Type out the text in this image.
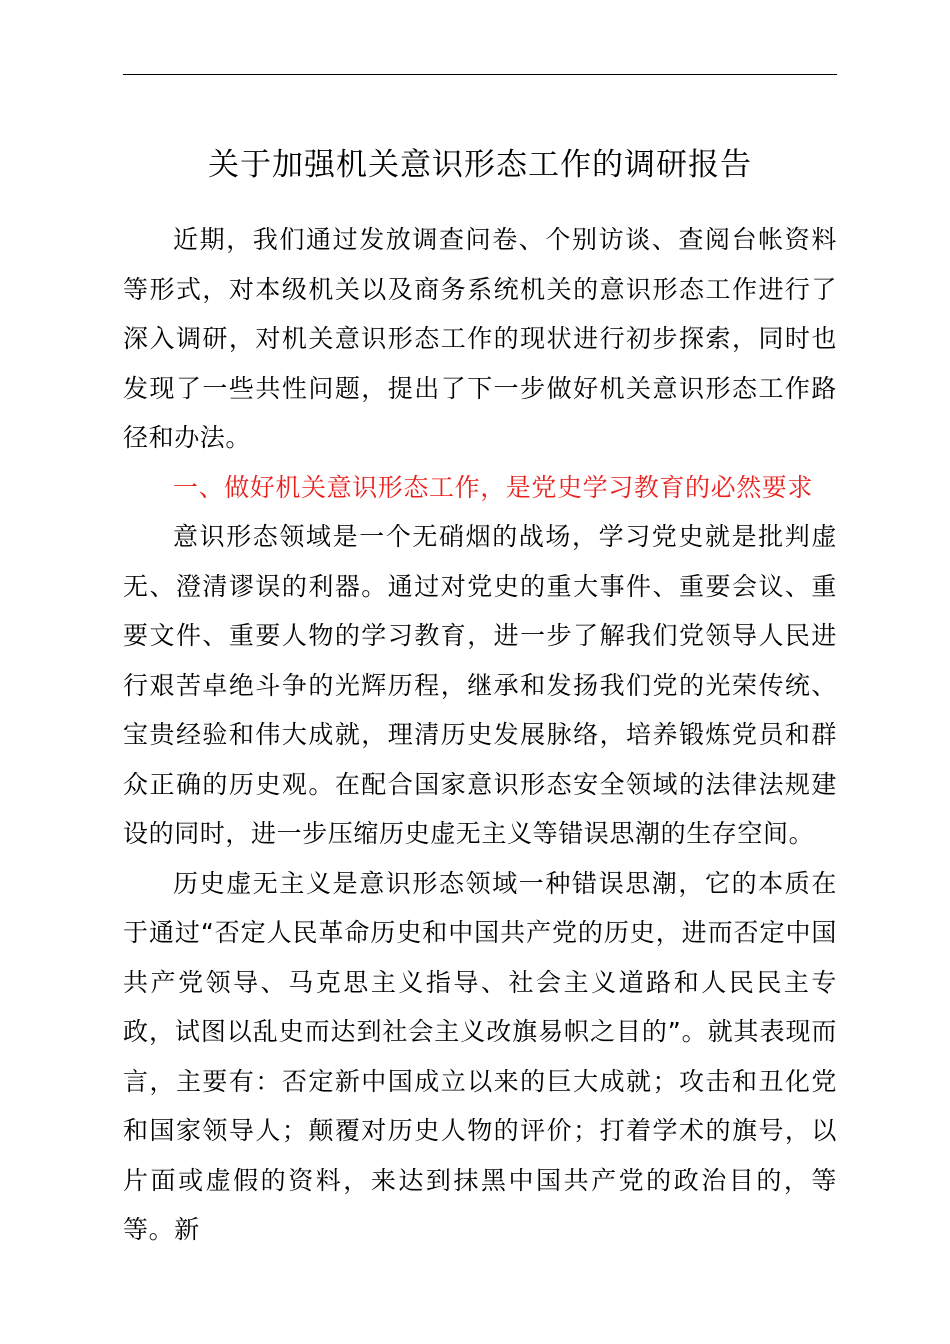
关于加强机关意识形态工作的调研报告

近期，我们通过发放调查问卷、个别访谈、查阅台帐资料等形式，对本级机关以及商务系统机关的意识形态工作进行了深入调研，对机关意识形态工作的现状进行初步探索，同时也发现了一些共性问题，提出了下一步做好机关意识形态工作路径和办法。

一、做好机关意识形态工作，是党史学习教育的必然要求

意识形态领域是一个无硝烟的战场，学习党史就是批判虚无、澄清谬误的利器。通过对党史的重大事件、重要会议、重要文件、重要人物的学习教育，进一步了解我们党领导人民进行艰苦卓绝斗争的光辉历程，继承和发扬我们党的光荣传统、宝贵经验和伟大成就，理清历史发展脉络，培养锻炼党员和群众正确的历史观。在配合国家意识形态安全领域的法律法规建设的同时，进一步压缩历史虚无主义等错误思潮的生存空间。

历史虚无主义是意识形态领域一种错误思潮，它的本质在于通过“否定人民革命历史和中国共产党的历史，进而否定中国共产党领导、马克思主义指导、社会主义道路和人民民主专政，试图以乱史而达到社会主义改旗易帜之目的”。就其表现而言，主要有：否定新中国成立以来的巨大成就；攻击和丑化党和国家领导人；颠覆对历史人物的评价；打着学术的旗号，以片面或虚假的资料，来达到抹黑中国共产党的政治目的，等等。新
